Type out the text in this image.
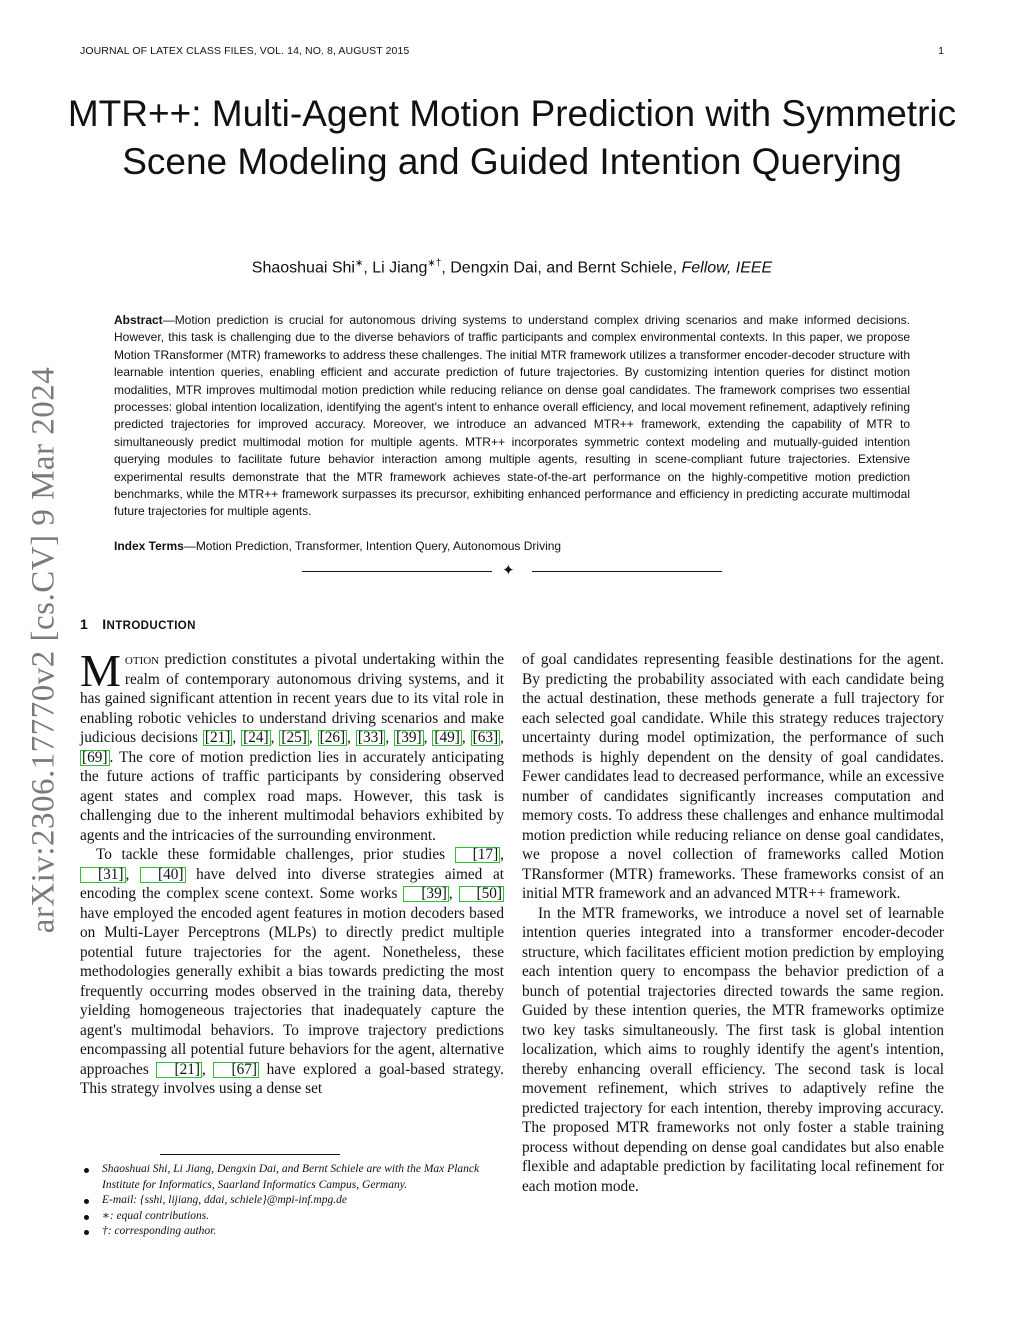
JOURNAL OF LATEX CLASS FILES, VOL. 14, NO. 8, AUGUST 2015	1
arXiv:2306.17770v2 [cs.CV] 9 Mar 2024
MTR++: Multi-Agent Motion Prediction with Symmetric Scene Modeling and Guided Intention Querying
Shaoshuai Shi∗, Li Jiang∗†, Dengxin Dai, and Bernt Schiele, Fellow, IEEE
Abstract—Motion prediction is crucial for autonomous driving systems to understand complex driving scenarios and make informed decisions. However, this task is challenging due to the diverse behaviors of traffic participants and complex environmental contexts. In this paper, we propose Motion TRansformer (MTR) frameworks to address these challenges. The initial MTR framework utilizes a transformer encoder-decoder structure with learnable intention queries, enabling efficient and accurate prediction of future trajectories. By customizing intention queries for distinct motion modalities, MTR improves multimodal motion prediction while reducing reliance on dense goal candidates. The framework comprises two essential processes: global intention localization, identifying the agent's intent to enhance overall efficiency, and local movement refinement, adaptively refining predicted trajectories for improved accuracy. Moreover, we introduce an advanced MTR++ framework, extending the capability of MTR to simultaneously predict multimodal motion for multiple agents. MTR++ incorporates symmetric context modeling and mutually-guided intention querying modules to facilitate future behavior interaction among multiple agents, resulting in scene-compliant future trajectories. Extensive experimental results demonstrate that the MTR framework achieves state-of-the-art performance on the highly-competitive motion prediction benchmarks, while the MTR++ framework surpasses its precursor, exhibiting enhanced performance and efficiency in predicting accurate multimodal future trajectories for multiple agents.
Index Terms—Motion Prediction, Transformer, Intention Query, Autonomous Driving
✦
1 INTRODUCTION

Motion prediction constitutes a pivotal undertaking within the realm of contemporary autonomous driving systems, and it has gained significant attention in recent years due to its vital role in enabling robotic vehicles to understand driving scenarios and make judicious decisions [21] , [24] , [25] , [26] , [33] , [39] , [49] , [63] , [69] . The core of motion prediction lies in accurately anticipating the future actions of traffic participants by considering observed agent states and complex road maps. However, this task is challenging due to the inherent multimodal behaviors exhibited by agents and the intricacies of the surrounding environment.

To tackle these formidable challenges, prior studies [17] , [31] , [40] have delved into diverse strategies aimed at encoding the complex scene context. Some works [39] , [50] have employed the encoded agent features in motion decoders based on Multi-Layer Perceptrons (MLPs) to directly predict multiple potential future trajectories for the agent. Nonetheless, these methodologies generally exhibit a bias towards predicting the most frequently occurring modes observed in the training data, thereby yielding homogeneous trajectories that inadequately capture the agent's multimodal behaviors. To improve trajectory predictions encompassing all potential future behaviors for the agent, alternative approaches [21] , [67] have explored a goal-based strategy. This strategy involves using a dense set

Shaoshuai Shi, Li Jiang, Dengxin Dai, and Bernt Schiele are with the Max Planck Institute for Informatics, Saarland Informatics Campus, Germany.
E-mail: {sshi, lijiang, ddai, schiele}@mpi-inf.mpg.de
∗: equal contributions.
†: corresponding author.

of goal candidates representing feasible destinations for the agent. By predicting the probability associated with each candidate being the actual destination, these methods generate a full trajectory for each selected goal candidate. While this strategy reduces trajectory uncertainty during model optimization, the performance of such methods is highly dependent on the density of goal candidates. Fewer candidates lead to decreased performance, while an excessive number of candidates significantly increases computation and memory costs. To address these challenges and enhance multimodal motion prediction while reducing reliance on dense goal candidates, we propose a novel collection of frameworks called Motion TRansformer (MTR) frameworks. These frameworks consist of an initial MTR framework and an advanced MTR++ framework.

In the MTR frameworks, we introduce a novel set of learnable intention queries integrated into a transformer encoder-decoder structure, which facilitates efficient motion prediction by employing each intention query to encompass the behavior prediction of a bunch of potential trajectories directed towards the same region. Guided by these intention queries, the MTR frameworks optimize two key tasks simultaneously. The first task is global intention localization, which aims to roughly identify the agent's intention, thereby enhancing overall efficiency. The second task is local movement refinement, which strives to adaptively refine the predicted trajectory for each intention, thereby improving accuracy. The proposed MTR frameworks not only foster a stable training process without depending on dense goal candidates but also enable flexible and adaptable prediction by facilitating local refinement for each motion mode.
